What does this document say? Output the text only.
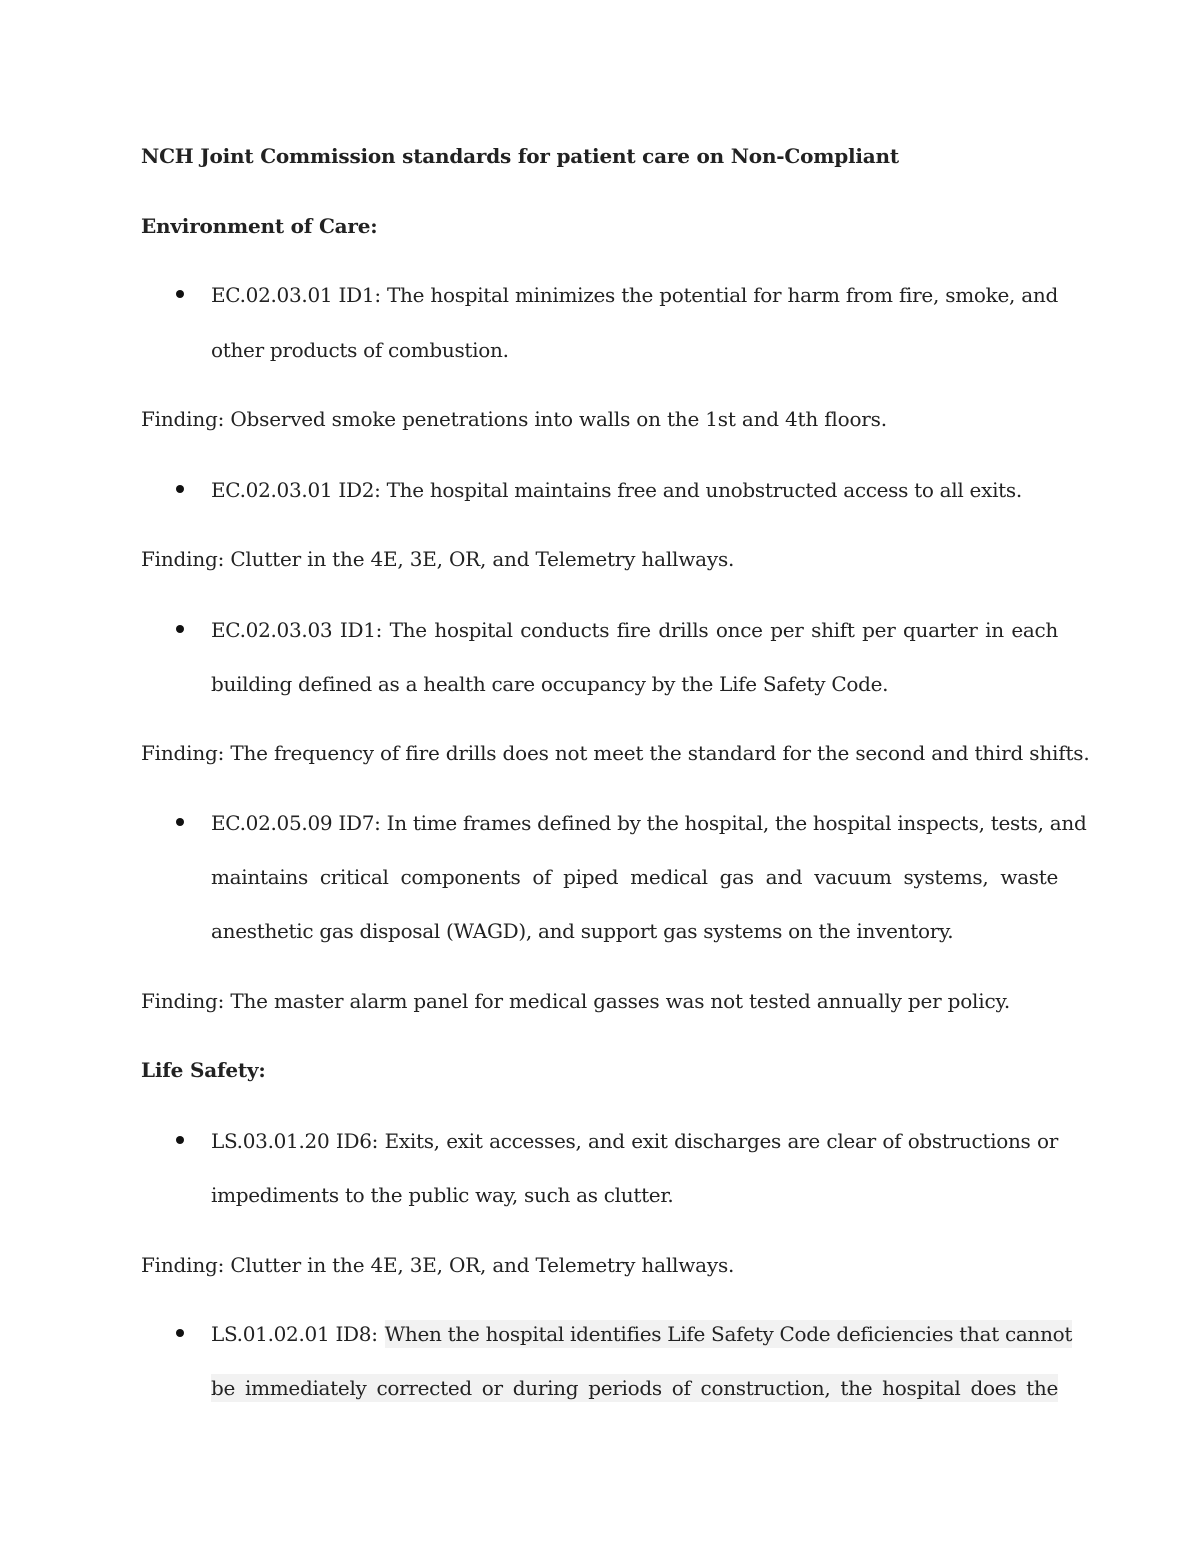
NCH Joint Commission standards for patient care on Non-Compliant
Environment of Care:
EC.02.03.01 ID1: The hospital minimizes the potential for harm from fire, smoke, and
other products of combustion.
Finding: Observed smoke penetrations into walls on the 1st and 4th floors.
EC.02.03.01 ID2: The hospital maintains free and unobstructed access to all exits.
Finding: Clutter in the 4E, 3E, OR, and Telemetry hallways.
EC.02.03.03 ID1: The hospital conducts fire drills once per shift per quarter in each
building defined as a health care occupancy by the Life Safety Code.
Finding: The frequency of fire drills does not meet the standard for the second and third shifts.
EC.02.05.09 ID7: In time frames defined by the hospital, the hospital inspects, tests, and
maintains critical components of piped medical gas and vacuum systems, waste
anesthetic gas disposal (WAGD), and support gas systems on the inventory.
Finding: The master alarm panel for medical gasses was not tested annually per policy.
Life Safety:
LS.03.01.20 ID6: Exits, exit accesses, and exit discharges are clear of obstructions or
impediments to the public way, such as clutter.
Finding: Clutter in the 4E, 3E, OR, and Telemetry hallways.
LS.01.02.01 ID8: When the hospital identifies Life Safety Code deficiencies that cannot
be immediately corrected or during periods of construction, the hospital does the
